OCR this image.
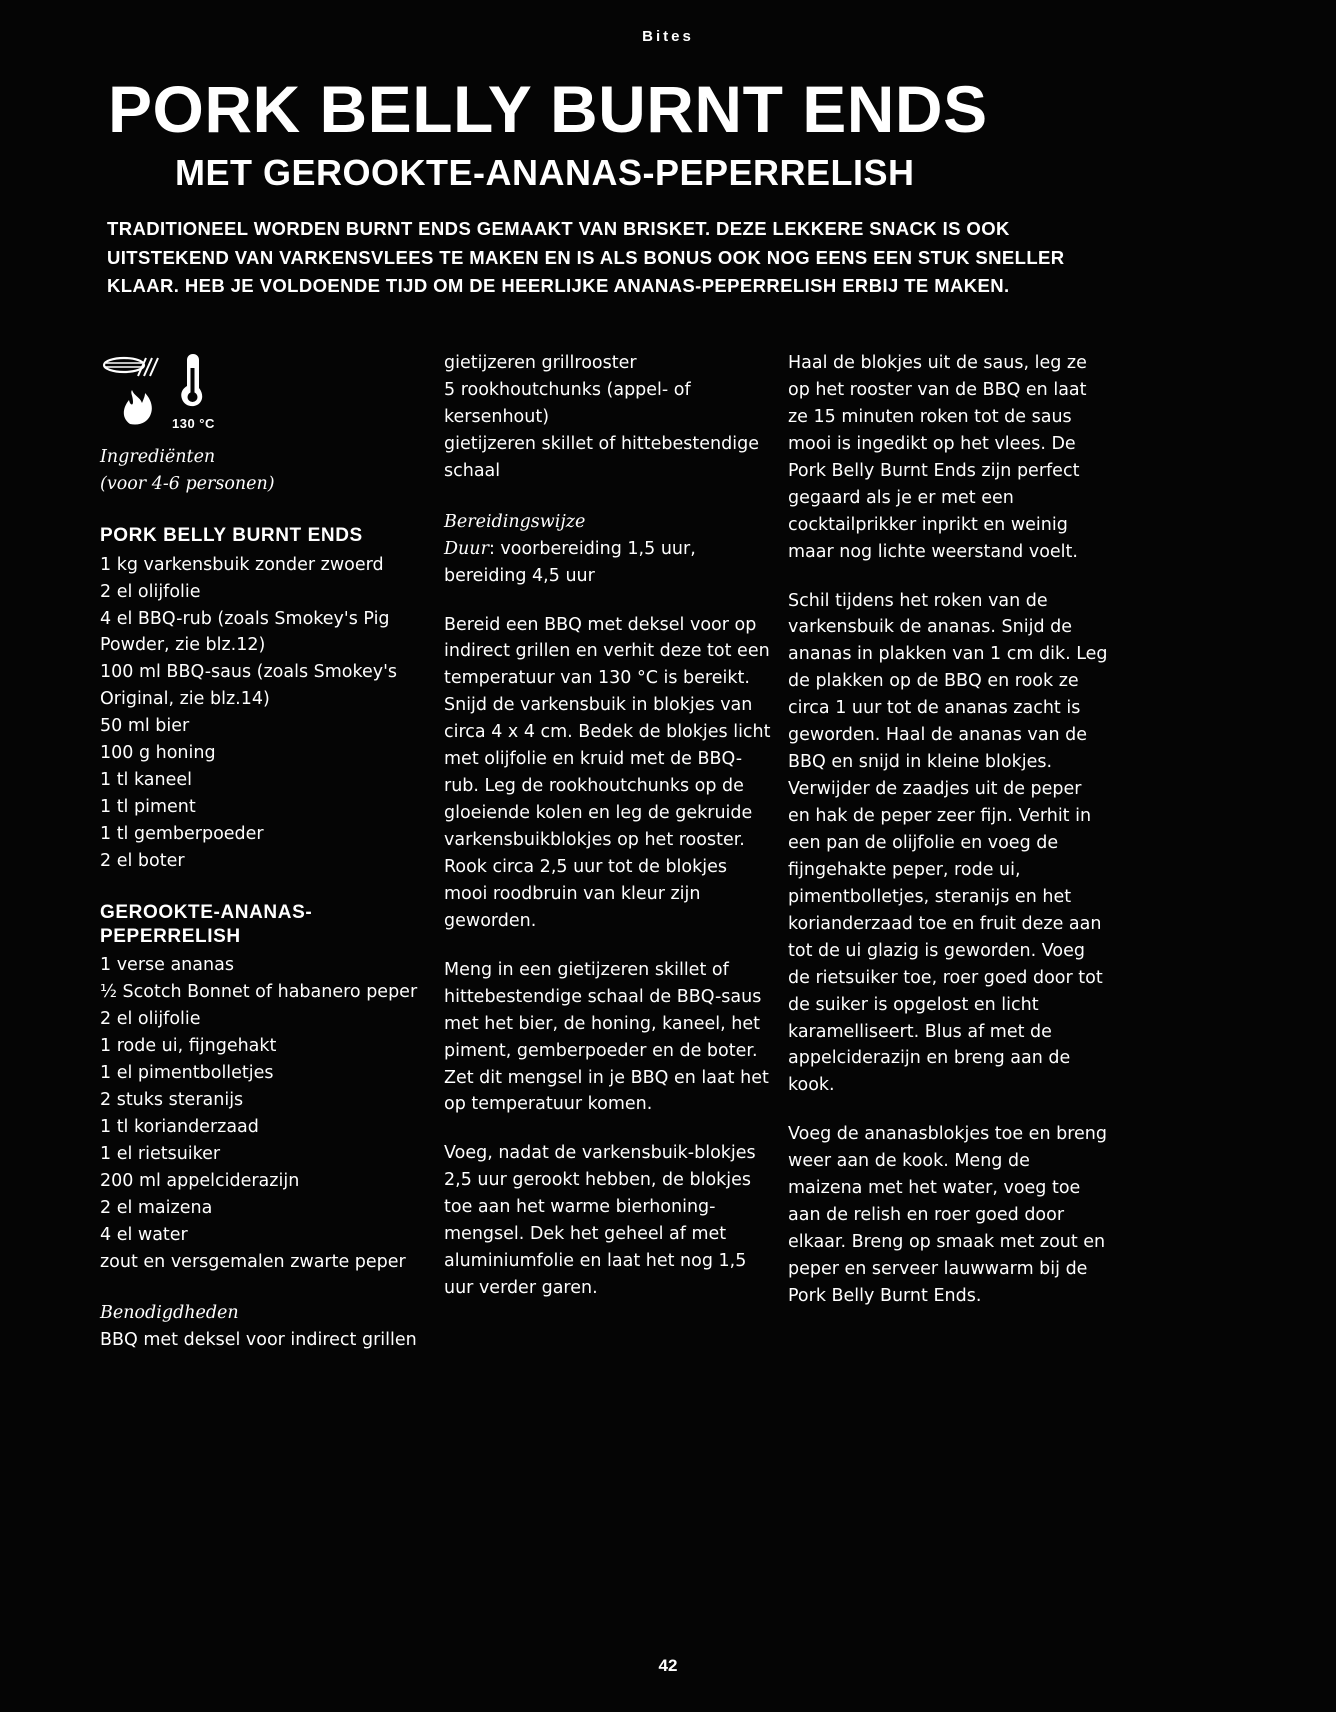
Bites
PORK BELLY BURNT ENDS
MET GEROOKTE-ANANAS-PEPERRELISH
TRADITIONEEL WORDEN BURNT ENDS GEMAAKT VAN BRISKET. DEZE LEKKERE SNACK IS OOK UITSTEKEND VAN VARKENSVLEES TE MAKEN EN IS ALS BONUS OOK NOG EENS EEN STUK SNELLER KLAAR. HEB JE VOLDOENDE TIJD OM DE HEERLIJKE ANANAS-PEPERRELISH ERBIJ TE MAKEN.
130 °C
Ingrediënten
(voor 4-6 personen)
PORK BELLY BURNT ENDS
1 kg varkensbuik zonder zwoerd
2 el olijfolie
4 el BBQ-rub (zoals Smokey's Pig Powder, zie blz.12)
100 ml BBQ-saus (zoals Smokey's Original, zie blz.14)
50 ml bier
100 g honing
1 tl kaneel
1 tl piment
1 tl gemberpoeder
2 el boter
GEROOKTE-ANANAS-PEPERRELISH
1 verse ananas
½ Scotch Bonnet of habanero peper
2 el olijfolie
1 rode ui, fijngehakt
1 el pimentbolletjes
2 stuks steranijs
1 tl korianderzaad
1 el rietsuiker
200 ml appelciderazijn
2 el maizena
4 el water
zout en versgemalen zwarte peper
Benodigdheden
BBQ met deksel voor indirect grillen
gietijzeren grillrooster
5 rookhoutchunks (appel- of kersenhout)
gietijzeren skillet of hittebestendige schaal
Bereidingswijze
Duur: voorbereiding 1,5 uur, bereiding 4,5 uur
Bereid een BBQ met deksel voor op indirect grillen en verhit deze tot een temperatuur van 130 °C is bereikt. Snijd de varkensbuik in blokjes van circa 4 x 4 cm. Bedek de blokjes licht met olijfolie en kruid met de BBQ-rub. Leg de rookhoutchunks op de gloeiende kolen en leg de gekruide varkensbuikblokjes op het rooster. Rook circa 2,5 uur tot de blokjes mooi roodbruin van kleur zijn geworden.
Meng in een gietijzeren skillet of hittebestendige schaal de BBQ-saus met het bier, de honing, kaneel, het piment, gemberpoeder en de boter. Zet dit mengsel in je BBQ en laat het op temperatuur komen.
Voeg, nadat de varkensbuik-blokjes 2,5 uur gerookt hebben, de blokjes toe aan het warme bierhoning-mengsel. Dek het geheel af met aluminiumfolie en laat het nog 1,5 uur verder garen.
Haal de blokjes uit de saus, leg ze op het rooster van de BBQ en laat ze 15 minuten roken tot de saus mooi is ingedikt op het vlees. De Pork Belly Burnt Ends zijn perfect gegaard als je er met een cocktailprikker inprikt en weinig maar nog lichte weerstand voelt.
Schil tijdens het roken van de varkensbuik de ananas. Snijd de ananas in plakken van 1 cm dik. Leg de plakken op de BBQ en rook ze circa 1 uur tot de ananas zacht is geworden. Haal de ananas van de BBQ en snijd in kleine blokjes. Verwijder de zaadjes uit de peper en hak de peper zeer fijn. Verhit in een pan de olijfolie en voeg de fijngehakte peper, rode ui, pimentbolletjes, steranijs en het korianderzaad toe en fruit deze aan tot de ui glazig is geworden. Voeg de rietsuiker toe, roer goed door tot de suiker is opgelost en licht karamelliseert. Blus af met de appelciderazijn en breng aan de kook.
Voeg de ananasblokjes toe en breng weer aan de kook. Meng de maizena met het water, voeg toe aan de relish en roer goed door elkaar. Breng op smaak met zout en peper en serveer lauwwarm bij de Pork Belly Burnt Ends.
42
